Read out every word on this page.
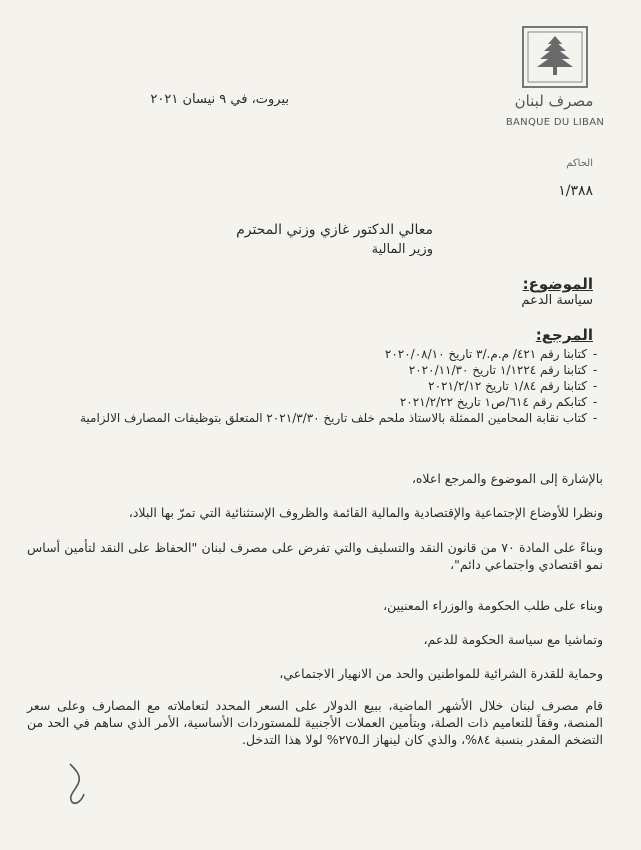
مصرف لبنان
BANQUE DU LIBAN
بيروت، في ٩ نيسان ٢٠٢١
الحاكم
١/٣٨٨
معالي الدكتور غازي وزني المحترم
وزير المالية
الموضوع:
سياسة الدعم
المرجع:
-
كتابنا رقم ٤٢١/ م.م./٣ تاريخ ٢٠٢٠/٠٨/١٠
-
كتابنا رقم ١/١٢٢٤ تاريخ ٢٠٢٠/١١/٣٠
-
كتابنا رقم ١/٨٤ تاريخ ٢٠٢١/٢/١٢
-
كتابكم رقم ٦١٤/ص١ تاريخ ٢٠٢١/٢/٢٢
-
كتاب نقابة المحامين الممثلة بالاستاذ ملحم خلف تاريخ ٢٠٢١/٣/٣٠ المتعلق بتوظيفات المصارف الالزامية
بالإشارة إلى الموضوع والمرجع اعلاه،
ونظرا للأوضاع الإجتماعية والإقتصادية والمالية القائمة والظروف الإستثنائية التي تمرّ بها البلاد،
وبناءً على المادة ٧٠ من قانون النقد والتسليف والتي تفرض على مصرف لبنان "الحفاظ على النقد لتأمين أساس نمو اقتصادي واجتماعي دائم"،
وبناء على طلب الحكومة والوزراء المعنيين،
وتماشيا مع سياسة الحكومة للدعم،
وحماية للقدرة الشرائية للمواطنين والحد من الانهيار الاجتماعي،
قام مصرف لبنان خلال الأشهر الماضية، ببيع الدولار على السعر المحدد لتعاملاته مع المصارف وعلى سعر المنصة، وفقاً للتعاميم ذات الصلة، وبتأمين العملات الأجنبية للمستوردات الأساسية، الأمر الذي ساهم في الحد من التضخم المقدر بنسبة ٨٤%، والذي كان لينهاز الـ٢٧٥% لولا هذا التدخل.
